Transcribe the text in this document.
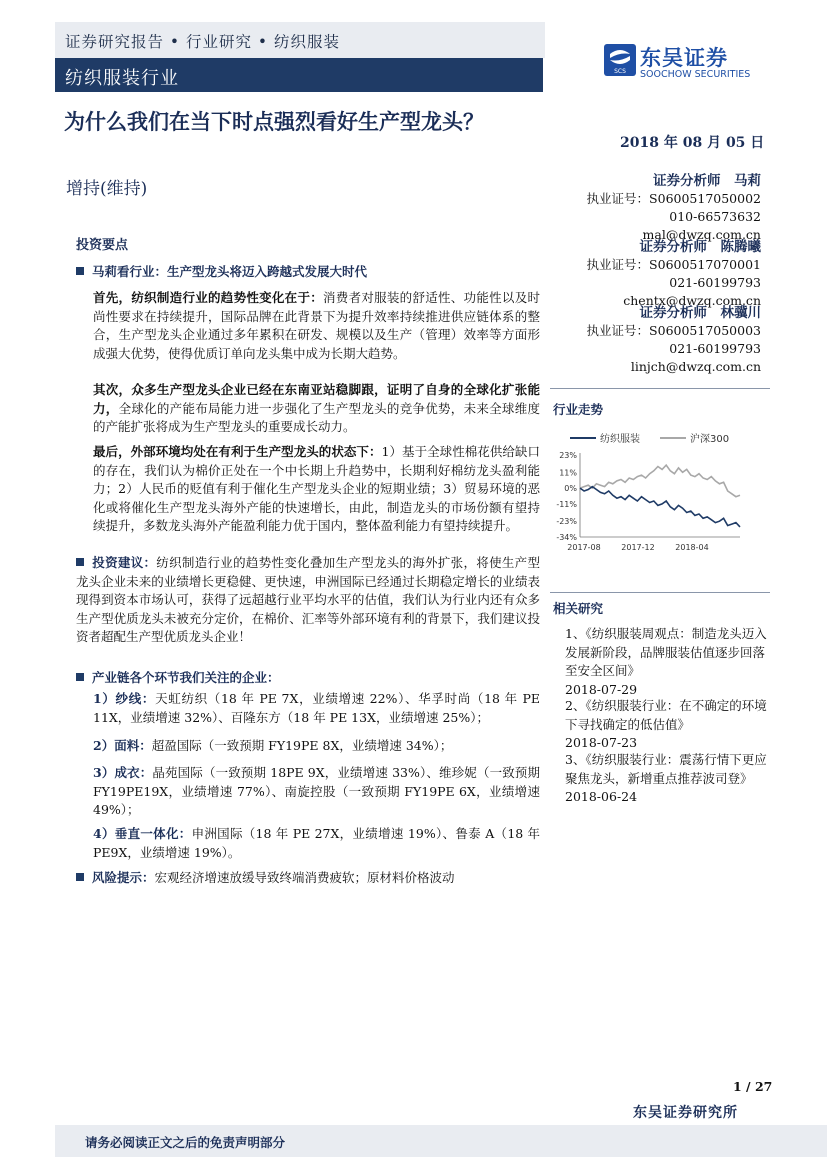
证券研究报告 • 行业研究 • 纺织服装
纺织服装行业	SCS
东吴证券
SOOCHOW SECURITIES
为什么我们在当下时点强烈看好生产型龙头？
增持(维持)
2018 年 08 月 05 日
证券分析师　马莉
执业证号：S0600517050002
010-66573632
mal@dwzq.com.cn
证券分析师　陈腾曦
执业证号：S0600517070001
021-60199793
chentx@dwzq.com.cn
证券分析师　林骥川
执业证号：S0600517050003
021-60199793
linjch@dwzq.com.cn
投资要点
马莉看行业：生产型龙头将迈入跨越式发展大时代
首先，纺织制造行业的趋势性变化在于：消费者对服装的舒适性、功能性以及时尚性要求在持续提升，国际品牌在此背景下为提升效率持续推进供应链体系的整合，生产型龙头企业通过多年累积在研发、规模以及生产（管理）效率等方面形成强大优势，使得优质订单向龙头集中成为长期大趋势。
其次，众多生产型龙头企业已经在东南亚站稳脚跟，证明了自身的全球化扩张能力，全球化的产能布局能力进一步强化了生产型龙头的竞争优势，未来全球维度的产能扩张将成为生产型龙头的重要成长动力。
最后，外部环境均处在有利于生产型龙头的状态下：1）基于全球性棉花供给缺口的存在，我们认为棉价正处在一个中长期上升趋势中，长期利好棉纺龙头盈利能力；2）人民币的贬值有利于催化生产型龙头企业的短期业绩；3）贸易环境的恶化或将催化生产型龙头海外产能的快速增长，由此，制造龙头的市场份额有望持续提升，多数龙头海外产能盈利能力优于国内，整体盈利能力有望持续提升。
投资建议：纺织制造行业的趋势性变化叠加生产型龙头的海外扩张，将使生产型龙头企业未来的业绩增长更稳健、更快速，申洲国际已经通过长期稳定增长的业绩表现得到资本市场认可，获得了远超越行业平均水平的估值，我们认为行业内还有众多生产型优质龙头未被充分定价，在棉价、汇率等外部环境有利的背景下，我们建议投资者超配生产型优质龙头企业！
产业链各个环节我们关注的企业：
1）纱线：天虹纺织（18 年 PE 7X，业绩增速 22%）、华孚时尚（18 年 PE 11X，业绩增速 32%）、百隆东方（18 年 PE 13X，业绩增速 25%）；
2）面料：超盈国际（一致预期 FY19PE 8X，业绩增速 34%）；
3）成衣：晶苑国际（一致预期 18PE 9X，业绩增速 33%）、维珍妮（一致预期 FY19PE19X，业绩增速 77%）、南旋控股（一致预期 FY19PE 6X，业绩增速 49%）；
4）垂直一体化：申洲国际（18 年 PE 27X，业绩增速 19%）、鲁泰 A（18 年 PE9X，业绩增速 19%）。
风险提示：宏观经济增速放缓导致终端消费疲软；原材料价格波动
行业走势
纺织服装	沪深300
23%
11%
0%
-11%
-23%
-34%
2017-08	2017-12	2018-04
相关研究
1、《纺织服装周观点：制造龙头迈入发展新阶段，品牌服装估值逐步回落至安全区间》
2018-07-29
2、《纺织服装行业：在不确定的环境下寻找确定的低估值》
2018-07-23
3、《纺织服装行业：震荡行情下更应聚焦龙头，新增重点推荐波司登》2018-06-24
1 / 27
东吴证券研究所
请务必阅读正文之后的免责声明部分
